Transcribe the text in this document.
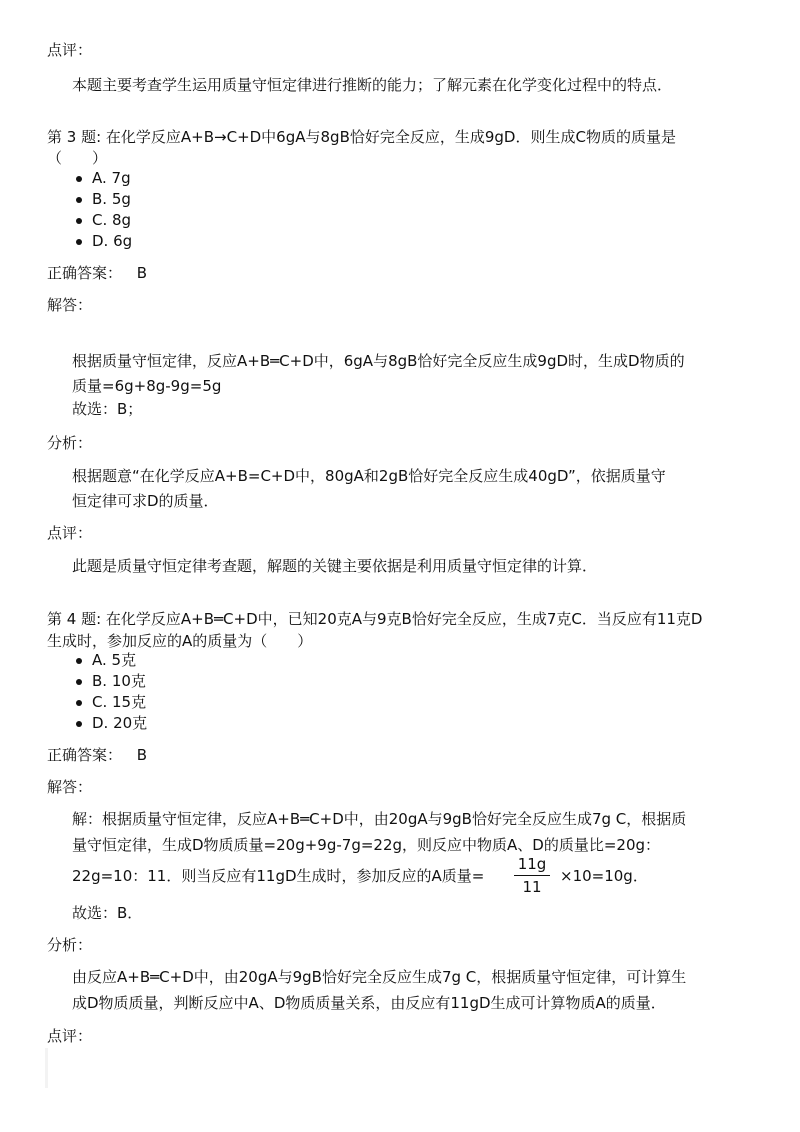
点评：
本题主要考查学生运用质量守恒定律进行推断的能力；了解元素在化学变化过程中的特点．
第 3 题: 在化学反应A+B→C+D中6gA与8gB恰好完全反应，生成9gD．则生成C物质的质量是
（　　）
A. 7g
B. 5g
C. 8g
D. 6g
正确答案： B
解答：
根据质量守恒定律，反应A+B═C+D中，6gA与8gB恰好完全反应生成9gD时，生成D物质的
质量=6g+8g-9g=5g
故选：B；
分析：
根据题意“在化学反应A+B=C+D中，80gA和2gB恰好完全反应生成40gD”，依据质量守
恒定律可求D的质量．
点评：
此题是质量守恒定律考查题，解题的关键主要依据是利用质量守恒定律的计算．
第 4 题: 在化学反应A+B═C+D中，已知20克A与9克B恰好完全反应，生成7克C．当反应有11克D
生成时，参加反应的A的质量为（　　）
A. 5克
B. 10克
C. 15克
D. 20克
正确答案： B
解答：
解：根据质量守恒定律，反应A+B═C+D中，由20gA与9gB恰好完全反应生成7g C，根据质
量守恒定律，生成D物质质量=20g+9g-7g=22g，则反应中物质A、D的质量比=20g：
22g=10：11．则当反应有11gD生成时，参加反应的A质量=
11g
11
×10=10g．
故选：B．
分析：
由反应A+B═C+D中，由20gA与9gB恰好完全反应生成7g C，根据质量守恒定律，可计算生
成D物质质量，判断反应中A、D物质质量关系，由反应有11gD生成可计算物质A的质量．
点评：
